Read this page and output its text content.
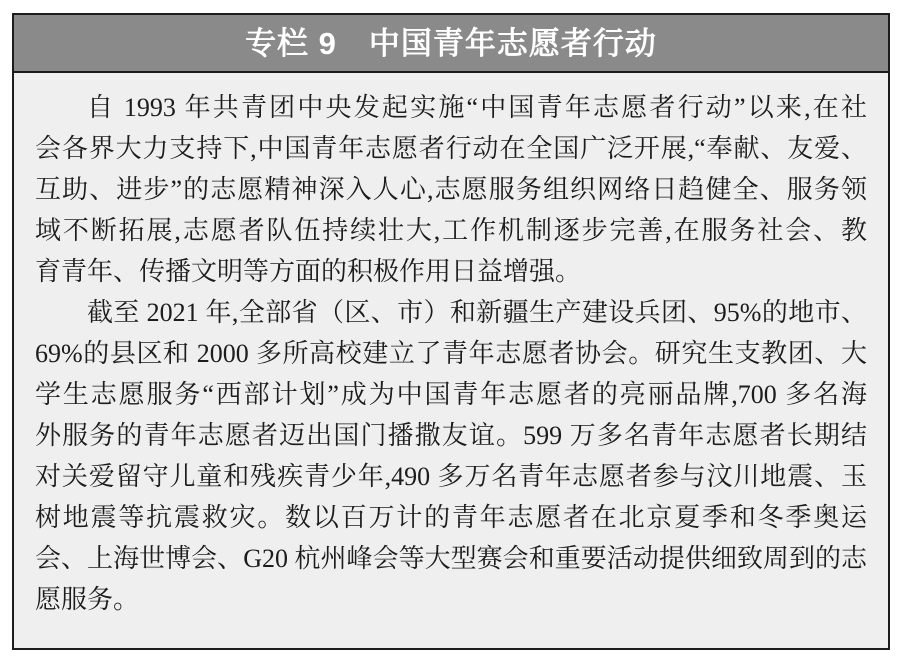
专栏 9　中国青年志愿者行动

自 1993 年共青团中央发起实施“中国青年志愿者行动”以来,在社
会各界大力支持下,中国青年志愿者行动在全国广泛开展,“奉献、友爱、
互助、进步”的志愿精神深入人心,志愿服务组织网络日趋健全、服务领
域不断拓展,志愿者队伍持续壮大,工作机制逐步完善,在服务社会、教
育青年、传播文明等方面的积极作用日益增强。

截至 2021 年,全部省（区、市）和新疆生产建设兵团、95%的地市、
69%的县区和 2000 多所高校建立了青年志愿者协会。研究生支教团、大
学生志愿服务“西部计划”成为中国青年志愿者的亮丽品牌,700 多名海
外服务的青年志愿者迈出国门播撒友谊。599 万多名青年志愿者长期结
对关爱留守儿童和残疾青少年,490 多万名青年志愿者参与汶川地震、玉
树地震等抗震救灾。数以百万计的青年志愿者在北京夏季和冬季奥运
会、上海世博会、G20 杭州峰会等大型赛会和重要活动提供细致周到的志
愿服务。
